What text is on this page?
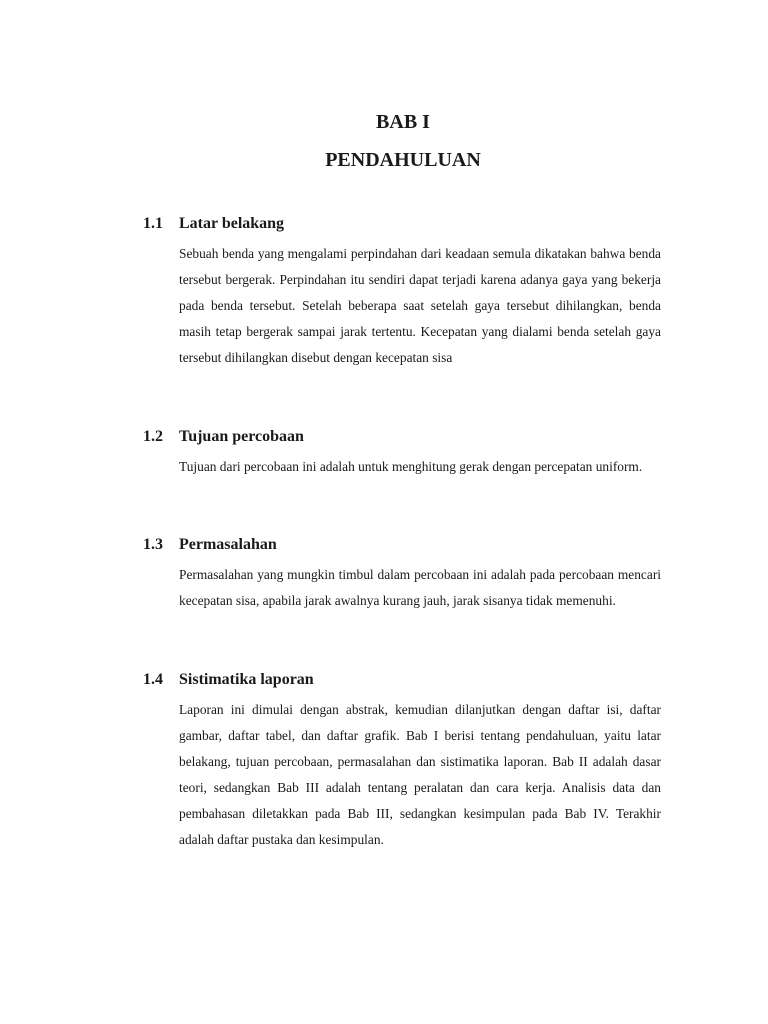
BAB I
PENDAHULUAN
1.1 Latar belakang

Sebuah benda yang mengalami perpindahan dari keadaan semula dikatakan bahwa benda tersebut bergerak. Perpindahan itu sendiri dapat terjadi karena adanya gaya yang bekerja pada benda tersebut. Setelah beberapa saat setelah gaya tersebut dihilangkan, benda masih tetap bergerak sampai jarak tertentu. Kecepatan yang dialami benda setelah gaya tersebut dihilangkan disebut dengan kecepatan sisa

1.2 Tujuan percobaan

Tujuan dari percobaan ini adalah untuk menghitung gerak dengan percepatan uniform.

1.3 Permasalahan

Permasalahan yang mungkin timbul dalam percobaan ini adalah pada percobaan mencari kecepatan sisa, apabila jarak awalnya kurang jauh, jarak sisanya tidak memenuhi.

1.4 Sistimatika laporan

Laporan ini dimulai dengan abstrak, kemudian dilanjutkan dengan daftar isi, daftar gambar, daftar tabel, dan daftar grafik. Bab I berisi tentang pendahuluan, yaitu latar belakang, tujuan percobaan, permasalahan dan sistimatika laporan. Bab II adalah dasar teori, sedangkan Bab III adalah tentang peralatan dan cara kerja. Analisis data dan pembahasan diletakkan pada Bab III, sedangkan kesimpulan pada Bab IV. Terakhir adalah daftar pustaka dan kesimpulan.
